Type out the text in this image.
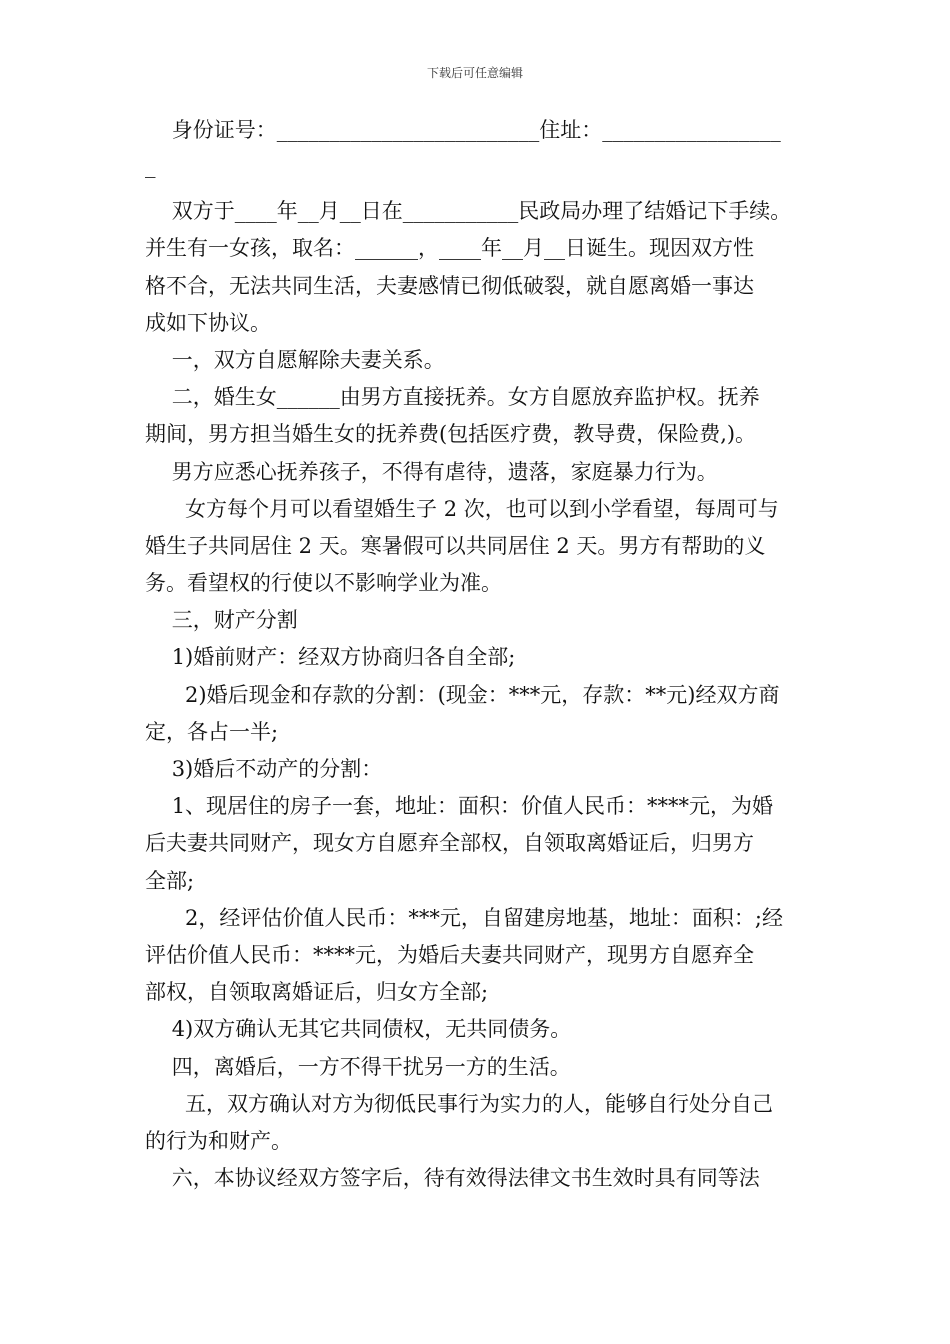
下载后可任意编辑
身份证号：_________________________住址：_________________
_
双方于____年__月__日在___________民政局办理了结婚记下手续。
并生有一女孩，取名：______，____年__月__日诞生。现因双方性
格不合，无法共同生活，夫妻感情已彻低破裂，就自愿离婚一事达
成如下协议。
一，双方自愿解除夫妻关系。
二，婚生女______由男方直接抚养。女方自愿放弃监护权。抚养
期间，男方担当婚生女的抚养费(包括医疗费，教导费，保险费,)。
男方应悉心抚养孩子，不得有虐待，遗落，家庭暴力行为。
女方每个月可以看望婚生子 2 次，也可以到小学看望，每周可与
婚生子共同居住 2 天。寒暑假可以共同居住 2 天。男方有帮助的义
务。看望权的行使以不影响学业为准。
三，财产分割
1)婚前财产：经双方协商归各自全部;
2)婚后现金和存款的分割：(现金：***元，存款：**元)经双方商
定，各占一半;
3)婚后不动产的分割：
1、现居住的房子一套，地址：面积：价值人民币：****元，为婚
后夫妻共同财产，现女方自愿弃全部权，自领取离婚证后，归男方
全部;
2，经评估价值人民币：***元，自留建房地基，地址：面积：;经
评估价值人民币：****元，为婚后夫妻共同财产，现男方自愿弃全
部权，自领取离婚证后，归女方全部;
4)双方确认无其它共同债权，无共同债务。
四，离婚后，一方不得干扰另一方的生活。
五，双方确认对方为彻低民事行为实力的人，能够自行处分自己
的行为和财产。
六，本协议经双方签字后，待有效得法律文书生效时具有同等法
